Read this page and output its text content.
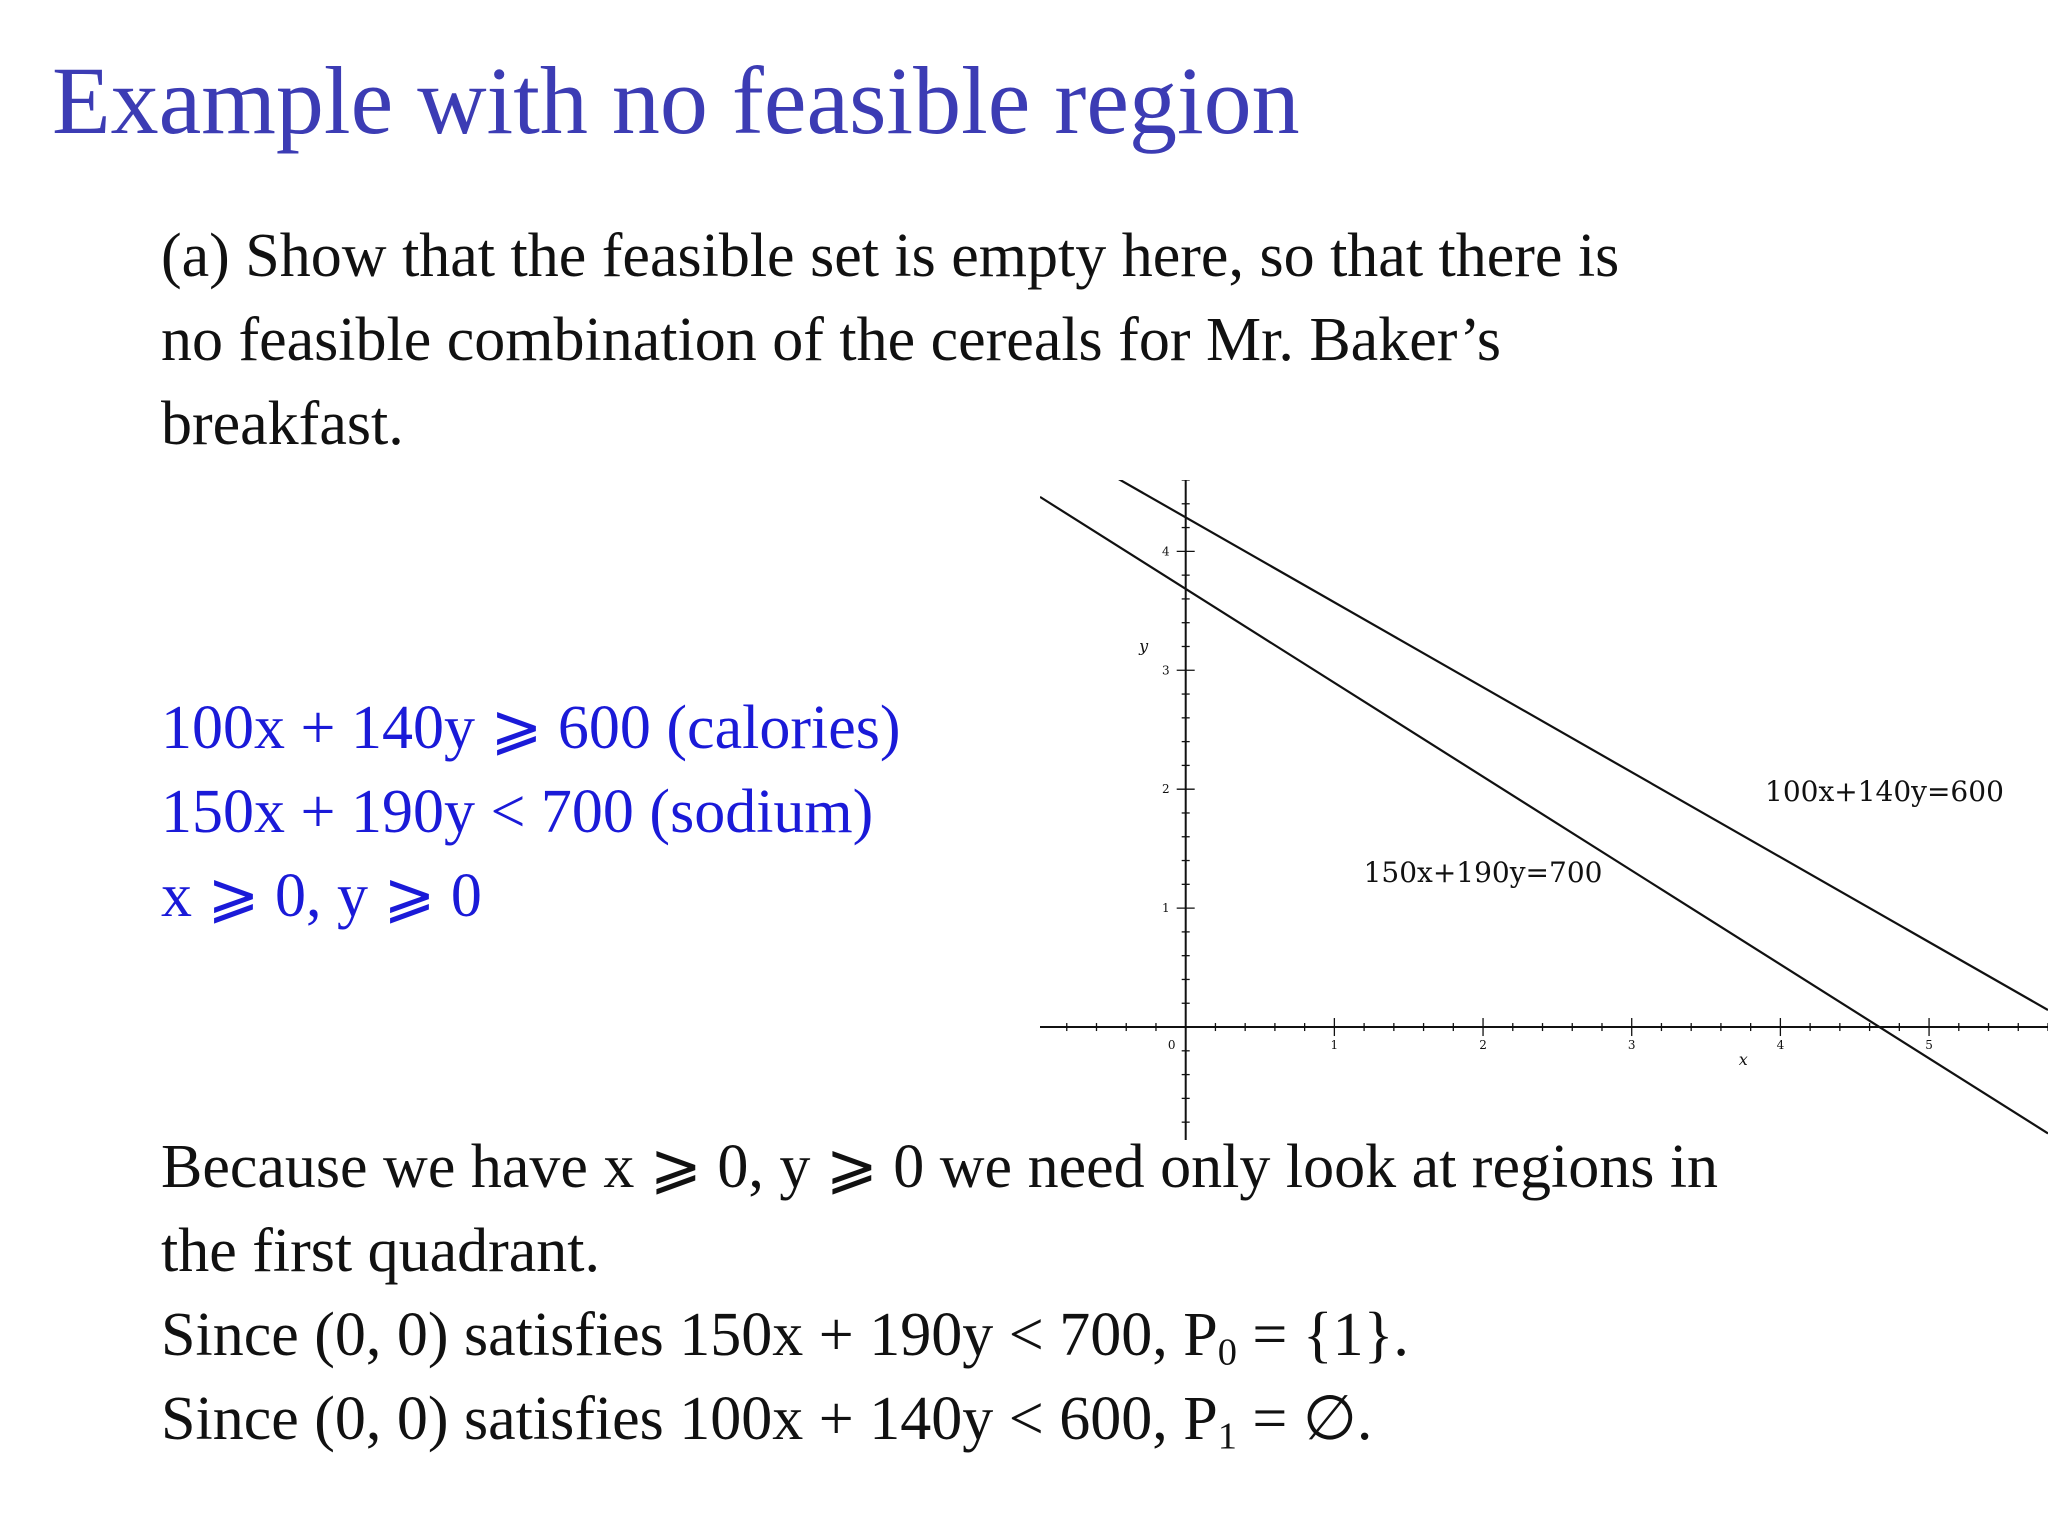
Example with no feasible region
(a) Show that the feasible set is empty here, so that there is
no feasible combination of the cereals for Mr. Baker’s
breakfast.
100x + 140y ⩾ 600 (calories)
150x + 190y < 700 (sodium)
x ⩾ 0, y ⩾ 0
0	1	2	3	4	5
1
2
3
4
x
y
100x+140y=600
150x+190y=700
Because we have x ⩾ 0, y ⩾ 0 we need only look at regions in
the first quadrant.
Since (0, 0) satisfies 150x + 190y < 700, $P_0 = \{1\}$.
Since (0, 0) satisfies 100x + 140y < 600, $P_1$ = ∅.
